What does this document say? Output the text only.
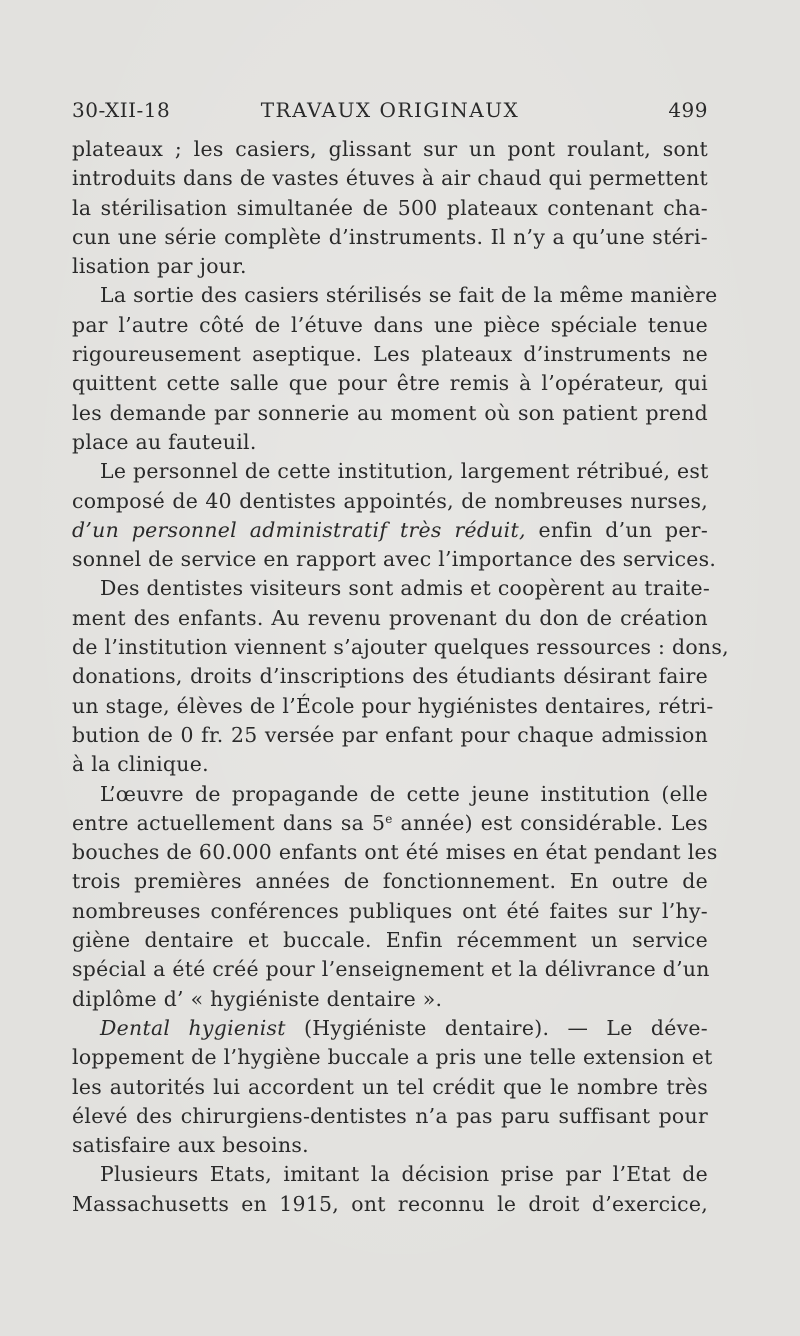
30-XII-18	TRAVAUX ORIGINAUX	499
plateaux ; les casiers, glissant sur un pont roulant, sont
introduits dans de vastes étuves à air chaud qui permettent
la stérilisation simultanée de 500 plateaux contenant cha-
cun une série complète d’instruments. Il n’y a qu’une stéri-
lisation par jour.
La sortie des casiers stérilisés se fait de la même manière
par l’autre côté de l’étuve dans une pièce spéciale tenue
rigoureusement aseptique. Les plateaux d’instruments ne
quittent cette salle que pour être remis à l’opérateur, qui
les demande par sonnerie au moment où son patient prend
place au fauteuil.
Le personnel de cette institution, largement rétribué, est
composé de 40 dentistes appointés, de nombreuses nurses,
d’un personnel administratif très réduit, enfin d’un per-
sonnel de service en rapport avec l’importance des services.
Des dentistes visiteurs sont admis et coopèrent au traite-
ment des enfants. Au revenu provenant du don de création
de l’institution viennent s’ajouter quelques ressources : dons,
donations, droits d’inscriptions des étudiants désirant faire
un stage, élèves de l’École pour hygiénistes dentaires, rétri-
bution de 0 fr. 25 versée par enfant pour chaque admission
à la clinique.
L’œuvre de propagande de cette jeune institution (elle
entre actuellement dans sa 5e année) est considérable. Les
bouches de 60.000 enfants ont été mises en état pendant les
trois premières années de fonctionnement. En outre de
nombreuses conférences publiques ont été faites sur l’hy-
giène dentaire et buccale. Enfin récemment un service
spécial a été créé pour l’enseignement et la délivrance d’un
diplôme d’ « hygiéniste dentaire ».
Dental hygienist (Hygiéniste dentaire). — Le déve-
loppement de l’hygiène buccale a pris une telle extension et
les autorités lui accordent un tel crédit que le nombre très
élevé des chirurgiens-dentistes n’a pas paru suffisant pour
satisfaire aux besoins.
Plusieurs Etats, imitant la décision prise par l’Etat de
Massachusetts en 1915, ont reconnu le droit d’exercice,
